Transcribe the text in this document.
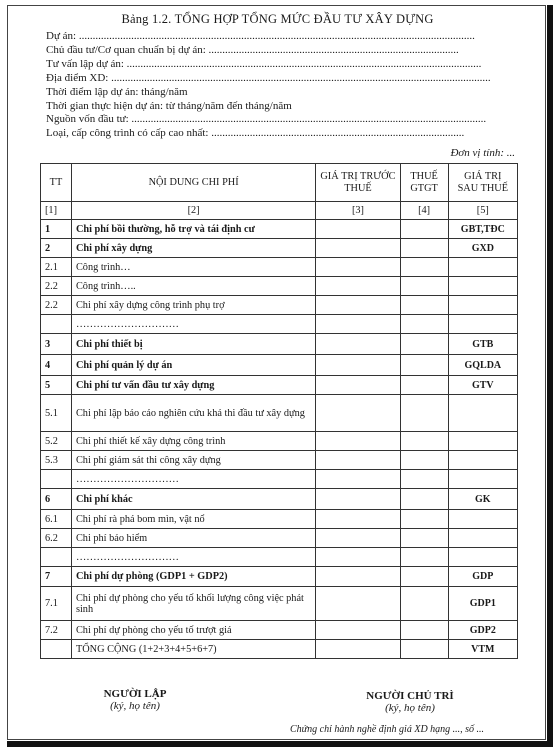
Bảng 1.2. TỔNG HỢP TỔNG MỨC ĐẦU TƯ XÂY DỰNG
Dự án: ................................................................................................................................................
Chủ đầu tư/Cơ quan chuẩn bị dự án: ...........................................................................................
Tư vấn lập dự án: .................................................................................................................................
Địa điểm XD: ..........................................................................................................................................
Thời điểm lập dự án: tháng/năm
Thời gian thực hiện dự án: từ tháng/năm đến tháng/năm
Nguồn vốn đầu tư: .................................................................................................................................
Loại, cấp công trình có cấp cao nhất: ............................................................................................
Đơn vị tính: ...
TT	NỘI DUNG CHI PHÍ	GIÁ TRỊ TRƯỚC THUẾ	THUẾ GTGT	GIÁ TRỊ SAU THUẾ
[1]	[2]	[3]	[4]	[5]
1	Chi phí bồi thường, hỗ trợ và tái định cư			GBT,TĐC
2	Chi phí xây dựng			GXD
2.1	Công trình…			
2.2	Công trình…..			
2.2	Chi phí xây dựng công trình phụ trợ			
	…………………………			
3	Chi phí thiết bị			GTB
4	Chi phí quản lý dự án			GQLDA
5	Chi phí tư vấn đầu tư xây dựng			GTV
5.1	Chi phí lập báo cáo nghiên cứu khả thi đầu tư xây dựng			
5.2	Chi phí thiết kế xây dựng công trình			
5.3	Chi phí giám sát thi công xây dựng			
	…………………………			
6	Chi phí khác			GK
6.1	Chi phí rà phá bom mìn, vật nổ			
6.2	Chi phí bảo hiểm			
	…………………………			
7	Chi phí dự phòng (GDP1 + GDP2)			GDP
7.1	Chi phí dự phòng cho yếu tố khối lượng công việc phát sinh			GDP1
7.2	Chi phí dự phòng cho yếu tố trượt giá			GDP2
	TỔNG CỘNG (1+2+3+4+5+6+7)			VTM
NGƯỜI LẬP
(ký, họ tên)
NGƯỜI CHỦ TRÌ
(ký, họ tên)
Chứng chỉ hành nghề định giá XD hạng ..., số ...
